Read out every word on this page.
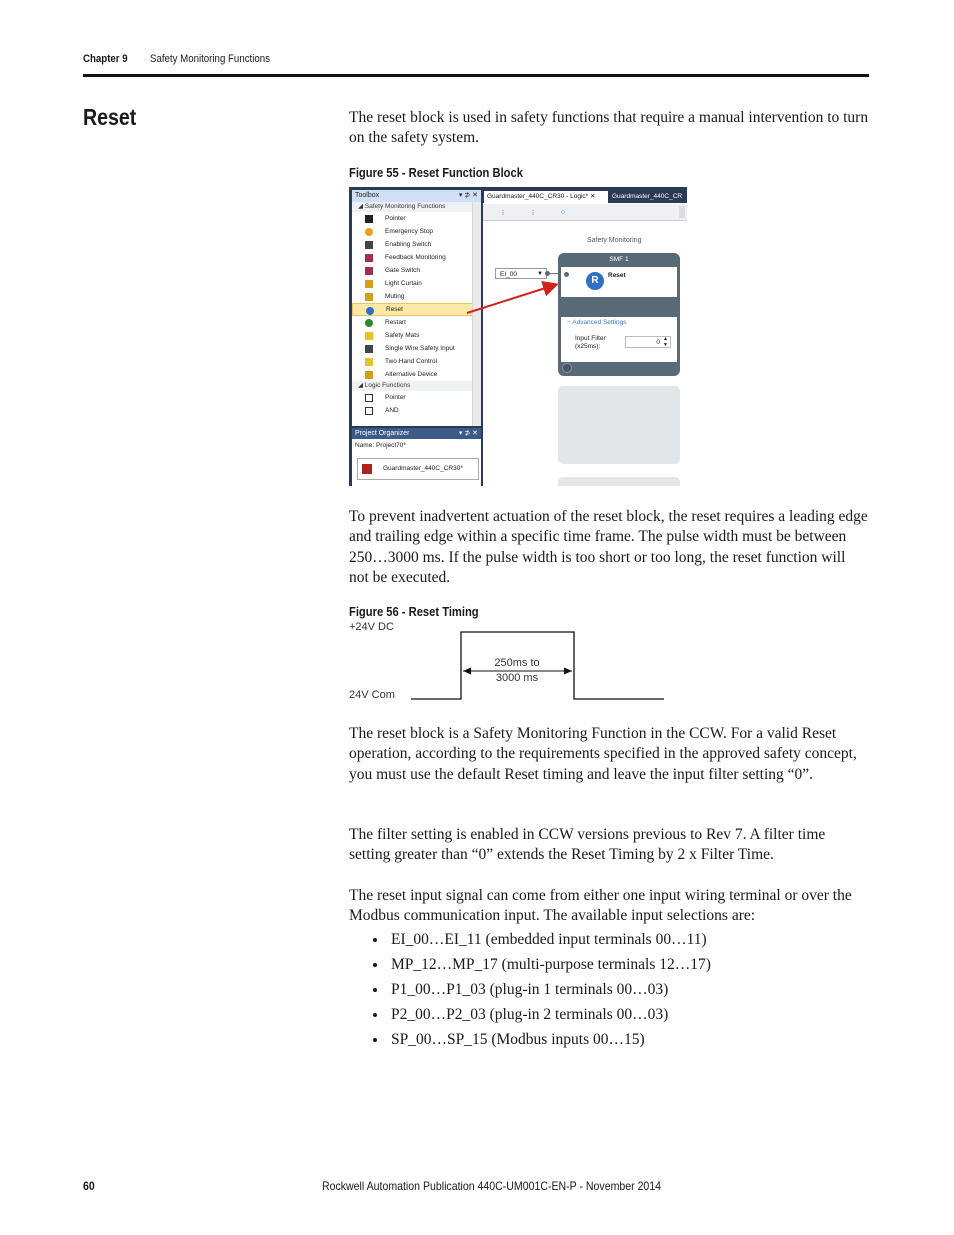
Chapter 9 Safety Monitoring Functions
Reset	The reset block is used in safety functions that require a manual intervention to turn on the safety system.
Figure 55 - Reset Function Block
Toolbox	▾ ⊅ ✕
◢ Safety Monitoring Functions
Pointer
Emergency Stop
Enabling Switch
Feedback Monitoring
Gate Switch
Light Curtain
Muting
Reset
Restart
Safety Mats
Single Wire Safety Input
Two Hand Control
Alternative Device
◢ Logic Functions
Pointer
AND
Project Organizer	▾ ⊅ ✕
Name: Project70*
Guardmaster_440C_CR30*
Guardmaster_440C_CR30 - Logic* ✕	Guardmaster_440C_CR
⁝	⁝	⁘
EI_00	▼
Safety Monitoring
SMF 1
R	Reset
− Advanced Settings
Input Filter
(x25ms):
0 ▲
▼
To prevent inadvertent actuation of the reset block, the reset requires a leading edge and trailing edge within a specific time frame. The pulse width must be between 250…3000 ms. If the pulse width is too short or too long, the reset function will not be executed.
Figure 56 - Reset Timing
+24V DC
24V Com
250ms to
3000 ms
The reset block is a Safety Monitoring Function in the CCW. For a valid Reset operation, according to the requirements specified in the approved safety concept, you must use the default Reset timing and leave the input filter setting “0”.
The filter setting is enabled in CCW versions previous to Rev 7. A filter time setting greater than “0” extends the Reset Timing by 2 x Filter Time.
The reset input signal can come from either one input wiring terminal or over the Modbus communication input. The available input selections are:
EI_00…EI_11 (embedded input terminals 00…11)
MP_12…MP_17 (multi-purpose terminals 12…17)
P1_00…P1_03 (plug-in 1 terminals 00…03)
P2_00…P2_03 (plug-in 2 terminals 00…03)
SP_00…SP_15 (Modbus inputs 00…15)
60	Rockwell Automation Publication 440C-UM001C-EN-P - November 2014
